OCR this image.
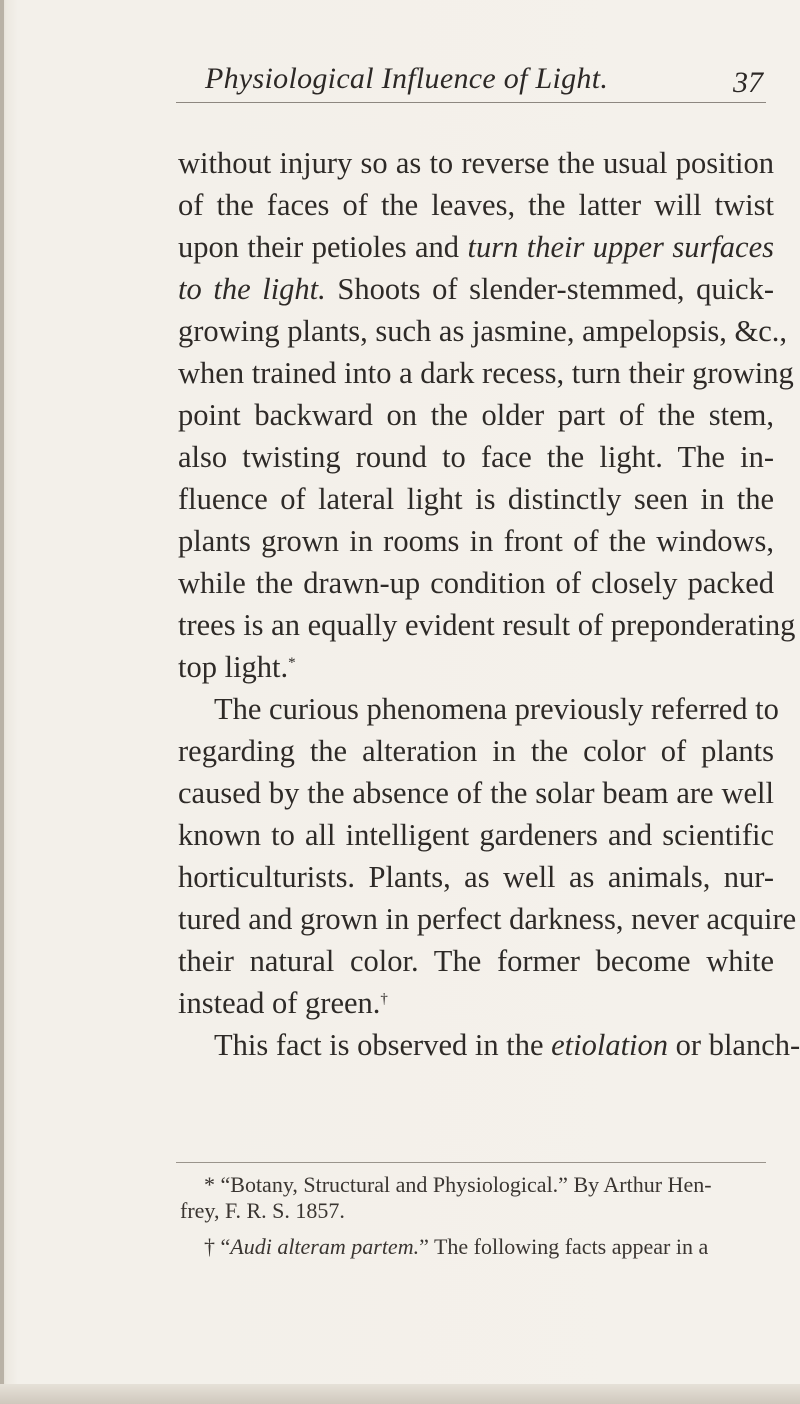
Physiological Influence of Light.	37
without injury so as to reverse the usual position
of the faces of the leaves, the latter will twist
upon their petioles and turn their upper surfaces
to the light. Shoots of slender-stemmed, quick-
growing plants, such as jasmine, ampelopsis, &c.,
when trained into a dark recess, turn their growing
point backward on the older part of the stem,
also twisting round to face the light. The in-
fluence of lateral light is distinctly seen in the
plants grown in rooms in front of the windows,
while the drawn-up condition of closely packed
trees is an equally evident result of preponderating
top light.*
The curious phenomena previously referred to
regarding the alteration in the color of plants
caused by the absence of the solar beam are well
known to all intelligent gardeners and scientific
horticulturists. Plants, as well as animals, nur-
tured and grown in perfect darkness, never acquire
their natural color. The former become white
instead of green.†
This fact is observed in the etiolation or blanch-
* “Botany, Structural and Physiological.” By Arthur Hen-
frey, F. R. S. 1857.
† “Audi alteram partem.” The following facts appear in a
